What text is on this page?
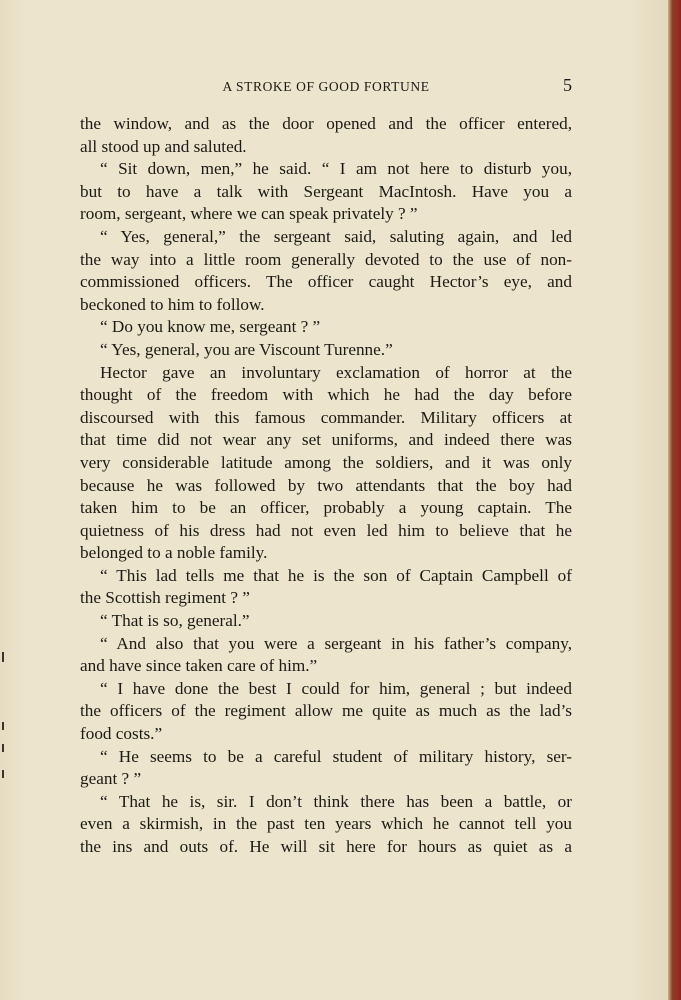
A STROKE OF GOOD FORTUNE	5

the window, and as the door opened and the officer entered,

all stood up and saluted.

“ Sit down, men,” he said. “ I am not here to disturb you,

but to have a talk with Sergeant MacIntosh. Have you a

room, sergeant, where we can speak privately ? ”

“ Yes, general,” the sergeant said, saluting again, and led

the way into a little room generally devoted to the use of non-

commissioned officers. The officer caught Hector’s eye, and

beckoned to him to follow.

“ Do you know me, sergeant ? ”

“ Yes, general, you are Viscount Turenne.”

Hector gave an involuntary exclamation of horror at the

thought of the freedom with which he had the day before

discoursed with this famous commander. Military officers at

that time did not wear any set uniforms, and indeed there was

very considerable latitude among the soldiers, and it was only

because he was followed by two attendants that the boy had

taken him to be an officer, probably a young captain. The

quietness of his dress had not even led him to believe that he

belonged to a noble family.

“ This lad tells me that he is the son of Captain Campbell of

the Scottish regiment ? ”

“ That is so, general.”

“ And also that you were a sergeant in his father’s company,

and have since taken care of him.”

“ I have done the best I could for him, general ; but indeed

the officers of the regiment allow me quite as much as the lad’s

food costs.”

“ He seems to be a careful student of military history, ser-

geant ? ”

“ That he is, sir. I don’t think there has been a battle, or

even a skirmish, in the past ten years which he cannot tell you

the ins and outs of. He will sit here for hours as quiet as a
